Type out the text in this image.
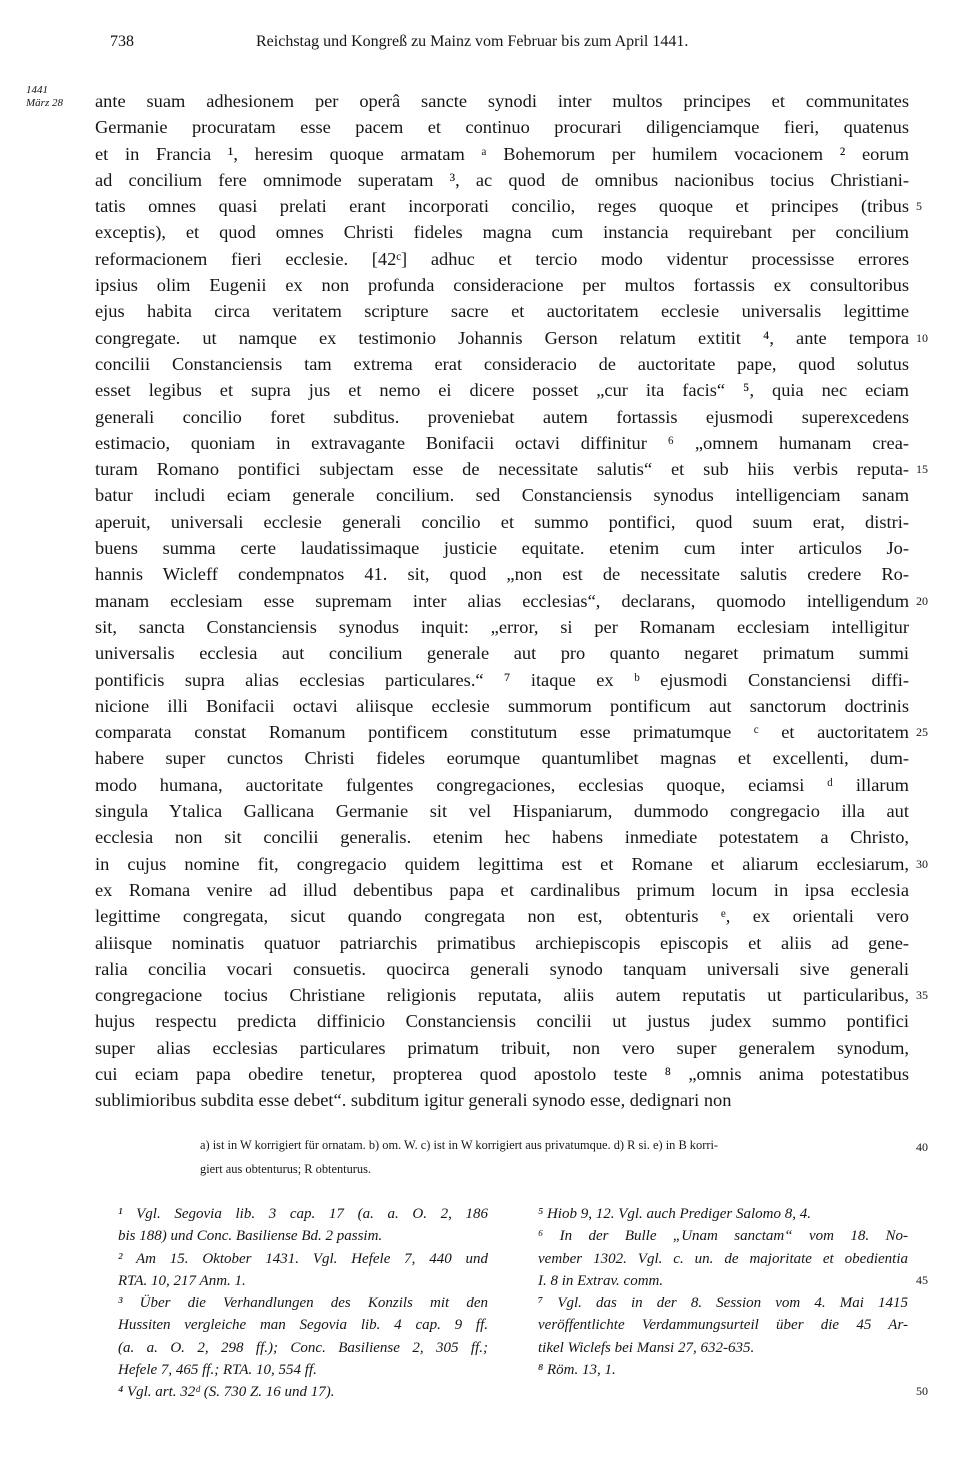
738	Reichstag und Kongreß zu Mainz vom Februar bis zum April 1441.
1441
März 28 ante suam adhesionem per operâ sancte synodi inter multos principes et communitates
Germanie procuratam esse pacem et continuo procurari diligenciamque fieri, quatenus
et in Francia ¹, heresim quoque armatam ᵃ Bohemorum per humilem vocacionem ² eorum
ad concilium fere omnimode superatam ³, ac quod de omnibus nacionibus tocius Christiani-
tatis omnes quasi prelati erant incorporati concilio, reges quoque et principes (tribus
exceptis), et quod omnes Christi fideles magna cum instancia requirebant per concilium
reformacionem fieri ecclesie. [42ᶜ] adhuc et tercio modo videntur processisse errores
ipsius olim Eugenii ex non profunda consideracione per multos fortassis ex consultoribus
ejus habita circa veritatem scripture sacre et auctoritatem ecclesie universalis legittime
congregate. ut namque ex testimonio Johannis Gerson relatum extitit ⁴, ante tempora
concilii Constanciensis tam extrema erat consideracio de auctoritate pape, quod solutus
esset legibus et supra jus et nemo ei dicere posset „cur ita facis“ ⁵, quia nec eciam
generali concilio foret subditus. proveniebat autem fortassis ejusmodi superexcedens
estimacio, quoniam in extravagante Bonifacii octavi diffinitur ⁶ „omnem humanam crea-
turam Romano pontifici subjectam esse de necessitate salutis“ et sub hiis verbis reputa-
batur includi eciam generale concilium. sed Constanciensis synodus intelligenciam sanam
aperuit, universali ecclesie generali concilio et summo pontifici, quod suum erat, distri-
buens summa certe laudatissimaque justicie equitate. etenim cum inter articulos Jo-
hannis Wicleff condempnatos 41. sit, quod „non est de necessitate salutis credere Ro-
manam ecclesiam esse supremam inter alias ecclesias“, declarans, quomodo intelligendum
sit, sancta Constanciensis synodus inquit: „error, si per Romanam ecclesiam intelligitur
universalis ecclesia aut concilium generale aut pro quanto negaret primatum summi
pontificis supra alias ecclesias particulares.“ ⁷ itaque ex ᵇ ejusmodi Constanciensi diffi-
nicione illi Bonifacii octavi aliisque ecclesie summorum pontificum aut sanctorum doctrinis
comparata constat Romanum pontificem constitutum esse primatumque ᶜ et auctoritatem
habere super cunctos Christi fideles eorumque quantumlibet magnas et excellenti, dum-
modo humana, auctoritate fulgentes congregaciones, ecclesias quoque, eciamsi ᵈ illarum
singula Ytalica Gallicana Germanie sit vel Hispaniarum, dummodo congregacio illa aut
ecclesia non sit concilii generalis. etenim hec habens inmediate potestatem a Christo,
in cujus nomine fit, congregacio quidem legittima est et Romane et aliarum ecclesiarum,
ex Romana venire ad illud debentibus papa et cardinalibus primum locum in ipsa ecclesia
legittime congregata, sicut quando congregata non est, obtenturis ᵉ, ex orientali vero
aliisque nominatis quatuor patriarchis primatibus archiepiscopis episcopis et aliis ad gene-
ralia concilia vocari consuetis. quocirca generali synodo tanquam universali sive generali
congregacione tocius Christiane religionis reputata, aliis autem reputatis ut particularibus,
hujus respectu predicta diffinicio Constanciensis concilii ut justus judex summo pontifici
super alias ecclesias particulares primatum tribuit, non vero super generalem synodum,
cui eciam papa obedire tenetur, propterea quod apostolo teste ⁸ „omnis anima potestatibus
sublimioribus subdita esse debet“. subditum igitur generali synodo esse, dedignari non
5
10
15
20
25
30
35
a) ist in W korrigiert für ornatam. b) om. W. c) ist in W korrigiert aus privatumque. d) R si. e) in B korri-
giert aus obtenturus; R obtenturus.
40
¹ Vgl. Segovia lib. 3 cap. 17 (a. a. O. 2, 186
bis 188) und Conc. Basiliense Bd. 2 passim.
² Am 15. Oktober 1431. Vgl. Hefele 7, 440 und
RTA. 10, 217 Anm. 1.
³ Über die Verhandlungen des Konzils mit den
Hussiten vergleiche man Segovia lib. 4 cap. 9 ff.
(a. a. O. 2, 298 ff.); Conc. Basiliense 2, 305 ff.;
Hefele 7, 465 ff.; RTA. 10, 554 ff.
⁴ Vgl. art. 32ᵈ (S. 730 Z. 16 und 17).
⁵ Hiob 9, 12. Vgl. auch Prediger Salomo 8, 4.
⁶ In der Bulle „Unam sanctam“ vom 18. No-
vember 1302. Vgl. c. un. de majoritate et obedientia
I. 8 in Extrav. comm.
⁷ Vgl. das in der 8. Session vom 4. Mai 1415
veröffentlichte Verdammungsurteil über die 45 Ar-
tikel Wiclefs bei Mansi 27, 632-635.
⁸ Röm. 13, 1.
45
50
